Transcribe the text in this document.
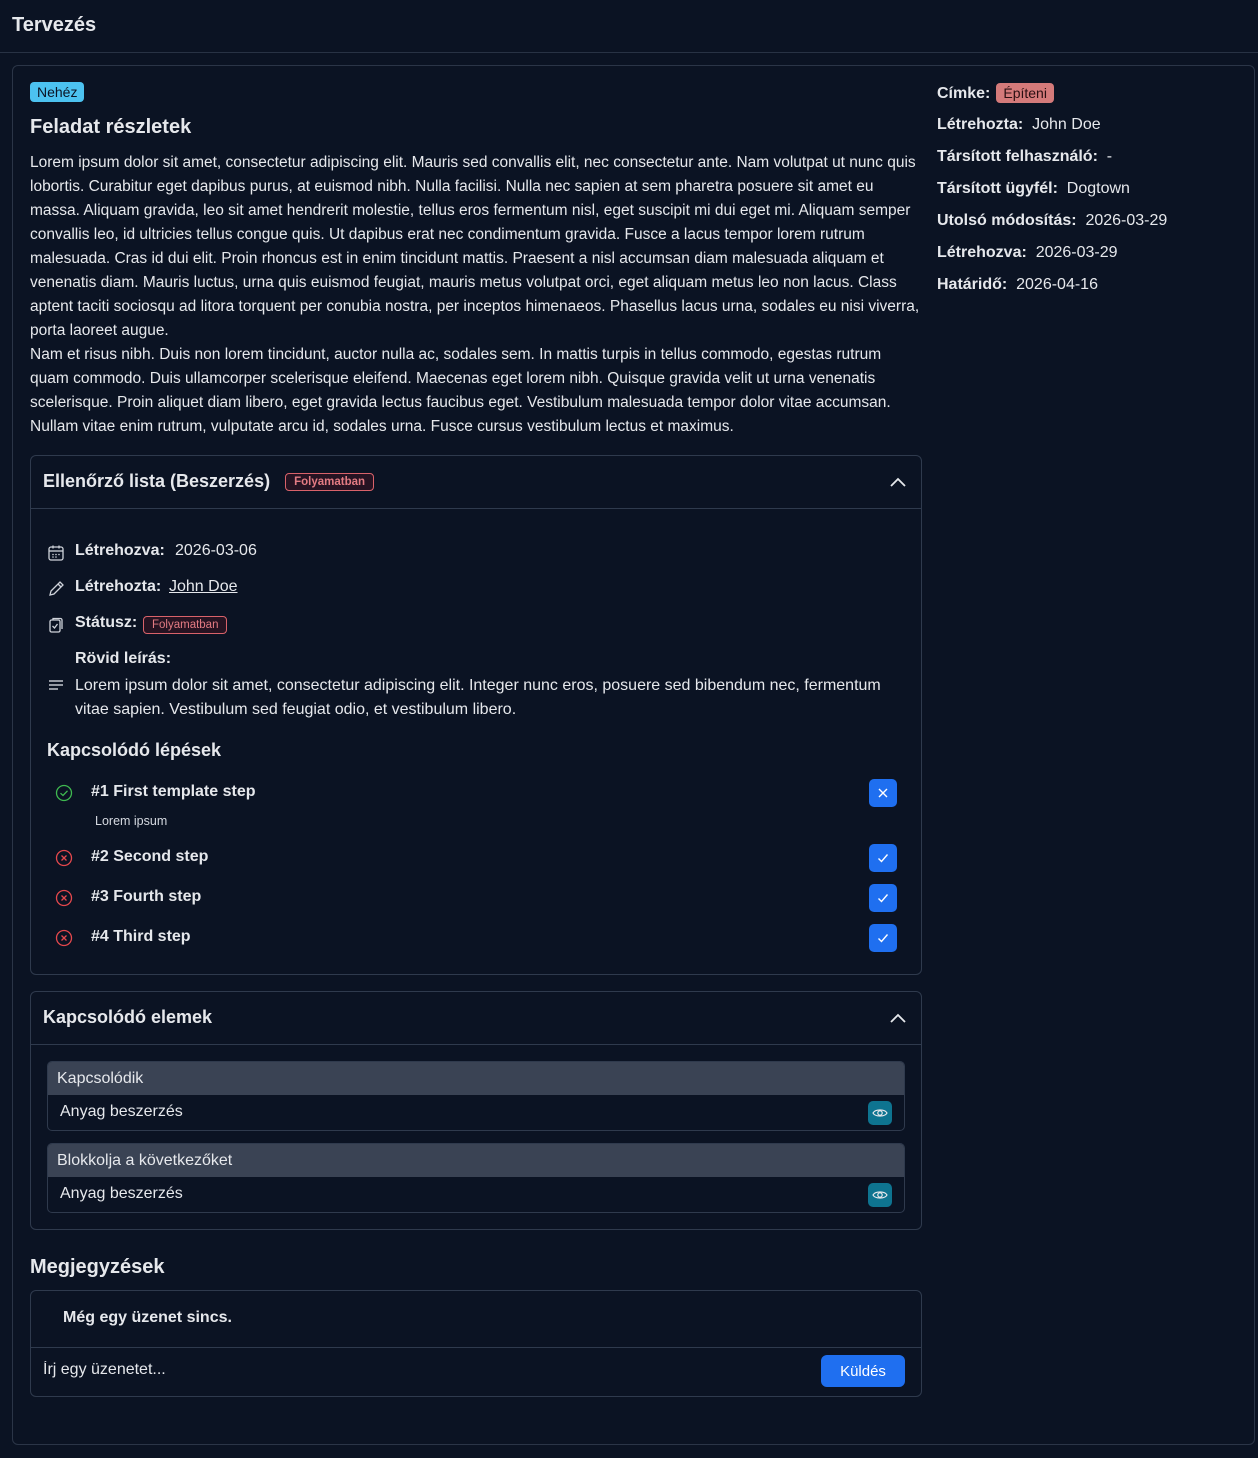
Tervezés
Nehéz
Feladat részletek

Lorem ipsum dolor sit amet, consectetur adipiscing elit. Mauris sed convallis elit, nec consectetur ante. Nam volutpat ut nunc quis lobortis. Curabitur eget dapibus purus, at euismod nibh. Nulla facilisi. Nulla nec sapien at sem pharetra posuere sit amet eu massa. Aliquam gravida, leo sit amet hendrerit molestie, tellus eros fermentum nisl, eget suscipit mi dui eget mi. Aliquam semper convallis leo, id ultricies tellus congue quis. Ut dapibus erat nec condimentum gravida. Fusce a lacus tempor lorem rutrum malesuada. Cras id dui elit. Proin rhoncus est in enim tincidunt mattis. Praesent a nisl accumsan diam malesuada aliquam et venenatis diam. Mauris luctus, urna quis euismod feugiat, mauris metus volutpat orci, eget aliquam metus leo non lacus. Class aptent taciti sociosqu ad litora torquent per conubia nostra, per inceptos himenaeos. Phasellus lacus urna, sodales eu nisi viverra, porta laoreet augue.

Nam et risus nibh. Duis non lorem tincidunt, auctor nulla ac, sodales sem. In mattis turpis in tellus commodo, egestas rutrum quam commodo. Duis ullamcorper scelerisque eleifend. Maecenas eget lorem nibh. Quisque gravida velit ut urna venenatis scelerisque. Proin aliquet diam libero, eget gravida lectus faucibus eget. Vestibulum malesuada tempor dolor vitae accumsan. Nullam vitae enim rutrum, vulputate arcu id, sodales urna. Fusce cursus vestibulum lectus et maximus.

Ellenőrző lista (Beszerzés) Folyamatban
Létrehozva: 2026-03-06
Létrehozta: John Doe
Státusz:	Folyamatban
Rövid leírás:
Lorem ipsum dolor sit amet, consectetur adipiscing elit. Integer nunc eros, posuere sed bibendum nec, fermentum vitae sapien. Vestibulum sed feugiat odio, et vestibulum libero.
Kapcsolódó lépések
#1 First template step
Lorem ipsum
#2 Second step
#3 Fourth step
#4 Third step
Kapcsolódó elemek
Kapcsolódik
Anyag beszerzés
Blokkolja a következőket
Anyag beszerzés
Megjegyzések
Még egy üzenet sincs.
Írj egy üzenetet...
Küldés
Címke: Építeni
Létrehozta: John Doe
Társított felhasználó: -
Társított ügyfél: Dogtown
Utolsó módosítás: 2026-03-29
Létrehozva: 2026-03-29
Határidő: 2026-04-16
